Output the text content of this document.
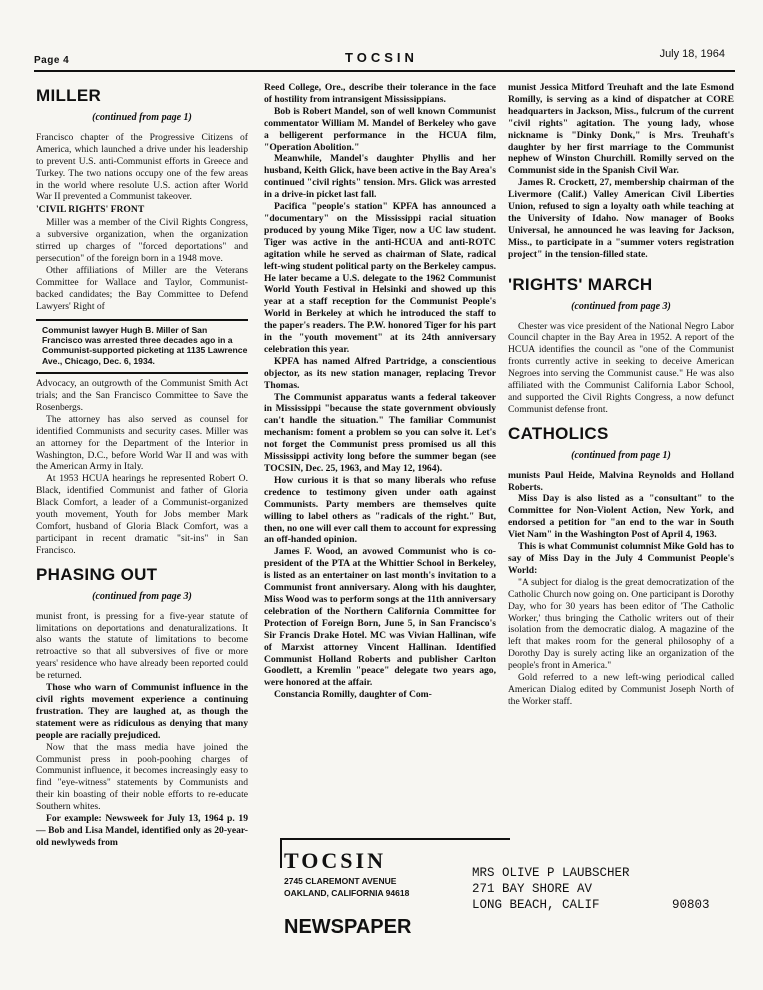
Page 4	TOCSIN	July 18, 1964
MILLER
(continued from page 1)

Francisco chapter of the Progressive Citizens of America, which launched a drive under his leadership to prevent U.S. anti-Communist efforts in Greece and Turkey. The two nations occupy one of the few areas in the world where resolute U.S. action after World War II prevented a Communist takeover.

'CIVIL RIGHTS' FRONT

Miller was a member of the Civil Rights Congress, a subversive organization, when the organization stirred up charges of "forced deportations" and persecution" of the foreign born in a 1948 move.

Other affiliations of Miller are the Veterans Committee for Wallace and Taylor, Communist-backed candidates; the Bay Committee to Defend Lawyers' Right of

Communist lawyer Hugh B. Miller of San Francisco was arrested three decades ago in a Communist-supported picketing at 1135 Lawrence Ave., Chicago, Dec. 6, 1934.

Advocacy, an outgrowth of the Communist Smith Act trials; and the San Francisco Committee to Save the Rosenbergs.

The attorney has also served as counsel for identified Communists and security cases. Miller was an attorney for the Department of the Interior in Washington, D.C., before World War II and was with the American Army in Italy.

At 1953 HCUA hearings he represented Robert O. Black, identified Communist and father of Gloria Black Comfort, a leader of a Communist-organized youth movement, Youth for Jobs member Mark Comfort, husband of Gloria Black Comfort, was a participant in recent dramatic "sit-ins" in San Francisco.

PHASING OUT
(continued from page 3)

munist front, is pressing for a five-year statute of limitations on deportations and denaturalizations. It also wants the statute of limitations to become retroactive so that all subversives of five or more years' residence who have already been reported could be returned.

Those who warn of Communist influence in the civil rights movement experience a continuing frustration. They are laughed at, as though the statement were as ridiculous as denying that many people are racially prejudiced.

Now that the mass media have joined the Communist press in pooh-poohing charges of Communist influence, it becomes increasingly easy to find "eye-witness" statements by Communists and their kin boasting of their noble efforts to re-educate Southern whites.

For example: Newsweek for July 13, 1964 p. 19 — Bob and Lisa Mandel, identified only as 20-year-old newlyweds from

Reed College, Ore., describe their tolerance in the face of hostility from intransigent Mississippians.

Bob is Robert Mandel, son of well known Communist commentator William M. Mandel of Berkeley who gave a belligerent performance in the HCUA film, "Operation Abolition."

Meanwhile, Mandel's daughter Phyllis and her husband, Keith Glick, have been active in the Bay Area's continued "civil rights" tension. Mrs. Glick was arrested in a drive-in picket last fall.

Pacifica "people's station" KPFA has announced a "documentary" on the Mississippi racial situation produced by young Mike Tiger, now a UC law student. Tiger was active in the anti-HCUA and anti-ROTC agitation while he served as chairman of Slate, radical left-wing student political party on the Berkeley campus. He later became a U.S. delegate to the 1962 Communist World Youth Festival in Helsinki and showed up this year at a staff reception for the Communist People's World in Berkeley at which he introduced the staff to the paper's readers. The P.W. honored Tiger for his part in the "youth movement" at its 24th anniversary celebration this year.

KPFA has named Alfred Partridge, a conscientious objector, as its new station manager, replacing Trevor Thomas.

The Communist apparatus wants a federal takeover in Mississippi "because the state government obviously can't handle the situation." The familiar Communist mechanism: foment a problem so you can solve it. Let's not forget the Communist press promised us all this Mississippi activity long before the summer began (see TOCSIN, Dec. 25, 1963, and May 12, 1964).

How curious it is that so many liberals who refuse credence to testimony given under oath against Communists. Party members are themselves quite willing to label others as "radicals of the right." But, then, no one will ever call them to account for expressing an off-handed opinion.

James F. Wood, an avowed Communist who is co-president of the PTA at the Whittier School in Berkeley, is listed as an entertainer on last month's invitation to a Communist front anniversary. Along with his daughter, Miss Wood was to perform songs at the 11th anniversary celebration of the Northern California Committee for Protection of Foreign Born, June 5, in San Francisco's Sir Francis Drake Hotel. MC was Vivian Hallinan, wife of Marxist attorney Vincent Hallinan. Identified Communist Holland Roberts and publisher Carlton Goodlett, a Kremlin "peace" delegate two years ago, were honored at the affair.

Constancia Romilly, daughter of Com-

munist Jessica Mitford Treuhaft and the late Esmond Romilly, is serving as a kind of dispatcher at CORE headquarters in Jackson, Miss., fulcrum of the current "civil rights" agitation. The young lady, whose nickname is "Dinky Donk," is Mrs. Treuhaft's daughter by her first marriage to the Communist nephew of Winston Churchill. Romilly served on the Communist side in the Spanish Civil War.

James R. Crockett, 27, membership chairman of the Livermore (Calif.) Valley American Civil Liberties Union, refused to sign a loyalty oath while teaching at the University of Idaho. Now manager of Books Universal, he announced he was leaving for Jackson, Miss., to participate in a "summer voters registration project" in the tension-filled state.

'RIGHTS' MARCH
(continued from page 3)

Chester was vice president of the National Negro Labor Council chapter in the Bay Area in 1952. A report of the HCUA identifies the council as "one of the Communist fronts currently active in seeking to deceive American Negroes into serving the Communist cause." He was also affiliated with the Communist California Labor School, and supported the Civil Rights Congress, a now defunct Communist defense front.

CATHOLICS
(continued from page 1)

munists Paul Heide, Malvina Reynolds and Holland Roberts.

Miss Day is also listed as a "consultant" to the Committee for Non-Violent Action, New York, and endorsed a petition for "an end to the war in South Viet Nam" in the Washington Post of April 4, 1963.

This is what Communist columnist Mike Gold has to say of Miss Day in the July 4 Communist People's World:

"A subject for dialog is the great democratization of the Catholic Church now going on. One participant is Dorothy Day, who for 30 years has been editor of 'The Catholic Worker,' thus bringing the Catholic writers out of their isolation from the democratic dialog. A magazine of the left that makes room for the general philosophy of a Dorothy Day is surely acting like an organization of the people's front in America."

Gold referred to a new left-wing periodical called American Dialog edited by Communist Joseph North of the Worker staff.

TOCSIN
2745 CLAREMONT AVENUE
OAKLAND, CALIFORNIA 94618
NEWSPAPER
MRS OLIVE P LAUBSCHER
271 BAY SHORE AV
LONG BEACH, CALIF	90803
